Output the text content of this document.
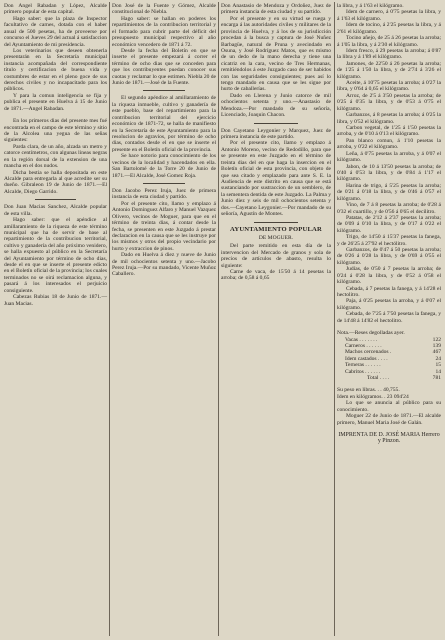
Don Angel Rabadan y López, Alcalde primero popular de esta capital.

Hago saber: que la plaza de Inspector facultativo de carnes, dotada con el haber anual de 500 pesetas, ha de proveerse por concurso el Jueves 29 del actual á satisfaccion del Ayuntamiento de mi presidencia.

Los veterinarios que deseen obtenerla presentarán en la Secretaría municipal instancia acompañada del correspondiente título y certificacion de buena vida y costumbres de estar en el pleno goce de sus derechos civiles y no incapacitado para los públicos.

Y para la comun inteligencia se fija y publica el presente en Huelva á 15 de Junio de 1871.—Angel Rabadan.

En los primeros dias del presente mes fué encontrada en el campo de este término y sitio de la Alcolea una yegua de las señas siguientes:

Parda clara, de un año, alzada un metro y catorce centímetros, con algunas lineas negras en la región dorsal de la extension de una mancha en el dos nudos.

Dicha bestia se halla depositada en este Alcalde para entregarla al que acredite ser su dueño. Gibraleon 19 de Junio de 1871.—El Alcalde, Diego Garrido.

Don Juan Macias Sanchez, Alcalde popular de esta villa.

Hago saber: que el apéndice al amillaramiento de la riqueza de este término municipal que ha de servir de base al repartimiento de la contribucion territorial, cultivo y ganadería del año próximo venidero, se halla expuesto al público en la Secretaría del Ayuntamiento por término de ocho dias, desde el en que se inserte el presente edicto en el Boletín oficial de la provincia; los cuales terminados no se oirá reclamacion alguna, y pasará á los interesados el perjuicio consiguiente.

Cabezas Rubias 18 de Junio de 1871.—Juan Macias.

Don José de la Fuente y Gómez, Alcalde constitucional de Niebla.

Hago saber: se hallan en poderes los repartimientos de la contribucion territorial y el formado para cubrir parte del déficit del presupuesto municipal respectivo al año económico vencedero de 1871 á 72.

Desde la fecha del Boletín en que se inserte el presente empezará á correr el término de ocho dias que se conceden para que los contribuyentes puedan conocer sus cuotas y reclamar lo que estimen. Niebla 20 de Junio de 1871.—José de la Fuente.

El segundo apéndice al amillaramiento de la riqueza inmueble, cultivo y ganadería de este pueblo, base del repartimiento para la contribucion territorial del ejercicio económico de 1871-72, se halla de manifiesto en la Secretaría de este Ayuntamiento para la resolucion de agravios, por término de ocho dias, contados desde el en que se inserte el presente en el Boletín oficial de la provincia.

Se hace notorio para conocimiento de los vecinos de la localidad y hacendados en ella. San Bartolomé de la Torre 20 de Junio de 1871.—El Alcalde, José Gomez Roja.

Don Jacobo Perez Iruja, Juez de primera instancia de esta ciudad y partido.

Por el presente cito, llamo y emplazo á Antonio Dominguez Alfaro y Manuel Vazquez Olivero, vecinos de Moguer, para que en el término de treinta dias, á contar desde la fecha, se presenten en este Juzgado á prestar declaracion en la causa que se les instruye por los mismos y otros del propio vecindario por hurto y extraccion de pinos.

Dado en Huelva á diez y nueve de Junio de mil ochocientos setenta y uno.—Jacobo Perez Iruja.—Por su mandado, Vicente Muñoz Caballero.

Don Anastasio de Mendoza y Ordoñez, Juez de primera instancia de esta ciudad y su partido.

Por el presente y en su virtud se ruega y encarga á las autoridades civiles y militares de la provincia de Huelva, y á los de su jurisdicción procedan á la busca y captura de José Nuñez Barbagüe, natural de Pruna y avecindado en Osuna, y José Rodríguez Matos, que es mismo de un dedo de la mano derecha y tiene una cicatriz en la cara, vecino de Tres Hermanas, remitiéndolos á este Juzgado caso de ser habidos con las seguridades consiguientes; pues así lo tengo mandado en causa que se les sigue por hurto de caballerías.

Dado en Llerena y Junio catorce de mil ochocientos setenta y uno.—Anastasio de Mendoza.—Por mandado de su señoría, Licenciado, Joaquin Chacon.

Don Cayetano Leygonier y Marquez, Juez de primera instancia de este partido.

Por el presente cito, llamo y emplazo á Antonio Moreno, vecino de Redodillo, para que se presente en este Juzgado en el término de treinta dias del en que haga la insercion en el Boletín oficial de esta provincia, con objeto de que sea citado y emplazado para ante S. E. la Audiencia de este distrito en causa que se está sustanciando por sustraccion de un semblero, de la sementera dentida de este Juzgado. La Palma y Junio diez y seis de mil ochocientos setenta y dos.—Cayetano Leygonier.—Por mandado de su señoría, Agustín de Montes.

AYUNTAMIENTO POPULAR

DE MOGUER.

Del parte remitido en esta día de la intervencion del Mercado de granos y sola de precios de artículos de abasto, resulta lo siguiente:

Carne de vaca, de 15'50 á 14 pesetas la arroba; de 0,58 á 0,65

la libra, y á 1'63 el kilógramo.

Idem de carnero, á 0'75 pesetas la libra, y á 1'63 el kilógramo.

Idem de tocino, á 2'25 pesetas la libra, y á 2'61 el kilógramo.

Tocino añejo, de 25 á 26 pesetas la arroba; á 1'05 la libra, y á 2'30 el kilógramo.

Idem fresco, á 29 pesetas la arroba; á 0'87 la libra y á 1'89 el kilógramo.

Jamones, de 22'50 á 26 pesetas la arroba; de 1'25 á 1'50 la libra, y de 2'74 á 3'26 el kilógramo.

Aceite, á 10'75 pesetas la arroba; á 0'27 la libra, y 0'64 á 0,65 el kilógramo.

Arroz, de 2'5 á 3'50 pesetas la arroba; de 0'25 á 0'35 la libra, y de 0'53 á 0'75 el kilógramo.

Garbanzos, á 8 pesetas la arroba; á 0'25 la libra, y 0'52 el kilógramo.

Carbon vegetal, de 1'25 á 1'50 pesetas la arroba, y de 0'10 á 0'13 el kilógramo.

Pan blanco comun, á 1'10 pesetas la arroba, y 0'22 el kilógramo.

Leña, á 0'75 pesetas la arroba, y á 0'07 el kilógramo.

Jabon, de 10 á 13'50 pesetas la arroba; de 0'40 á 0'53 la libra, y de 0'84 á 1'17 el kilógramo.

Harina de trigo, á 5'25 pesetas la arroba; de 0'21 á 0'18 la libra, y de 0'46 á 0'57 el kilógramo.

Vino, de 7 á 8 pesetas la arroba; de 0'28 á 0'32 el cuartillo, y de 0'56 á 0'65 el decilitro.

Patatas, de 2'12 á 2'37 pesetas la arroba; de 0'09 á 0'10 la libra, y de 0'17 á 0'22 el kilógramo.

Trigo, de 14'50 á 15'37 pesetas la fanega, y de 26'25 á 27'92 el hectólitro.

Garbanzos, de 0'47 á 50 pesetas la arroba; de 0'26 á 0'28 la libra, y de 0'69 á 0'55 el kilógramo.

Judías, de 0'50 á 7 pesetas la arroba; de 0'24 á 0'28 la libra, y de 0'52 á 0'58 el kilógramo.

Cebada, á 7 pesetas la fanega, y á 14'28 el hectolitro.

Paja, á 0'25 pesetas la arroba, y á 0'07 el kilógramo.

Cebada, de 7'25 á 7'50 pesetas la fanega, y de 14'48 á 14'82 el hectolitro.

Nota.—Reses degolladas ayer.

Vacas . . . . . . .	122
Carneros . . . . . .	139
Machos cercenados .	467
Idem castados . . . .	24
Terneras . . . . . .	15
Cabritos . . . . . .	14
Total . . . .	781

Su peso en libras. . . 40,755.

Idem en kilógramos. . 23 094'24

Lo que se anuncia al público para su conocimiento.

Moguer 22 de Junio de 1871.—El alcalde primero, Manuel Maria José de Galán.

IMPRENTA DE D. JOSÉ MARIA Herrero y Pinzon.
